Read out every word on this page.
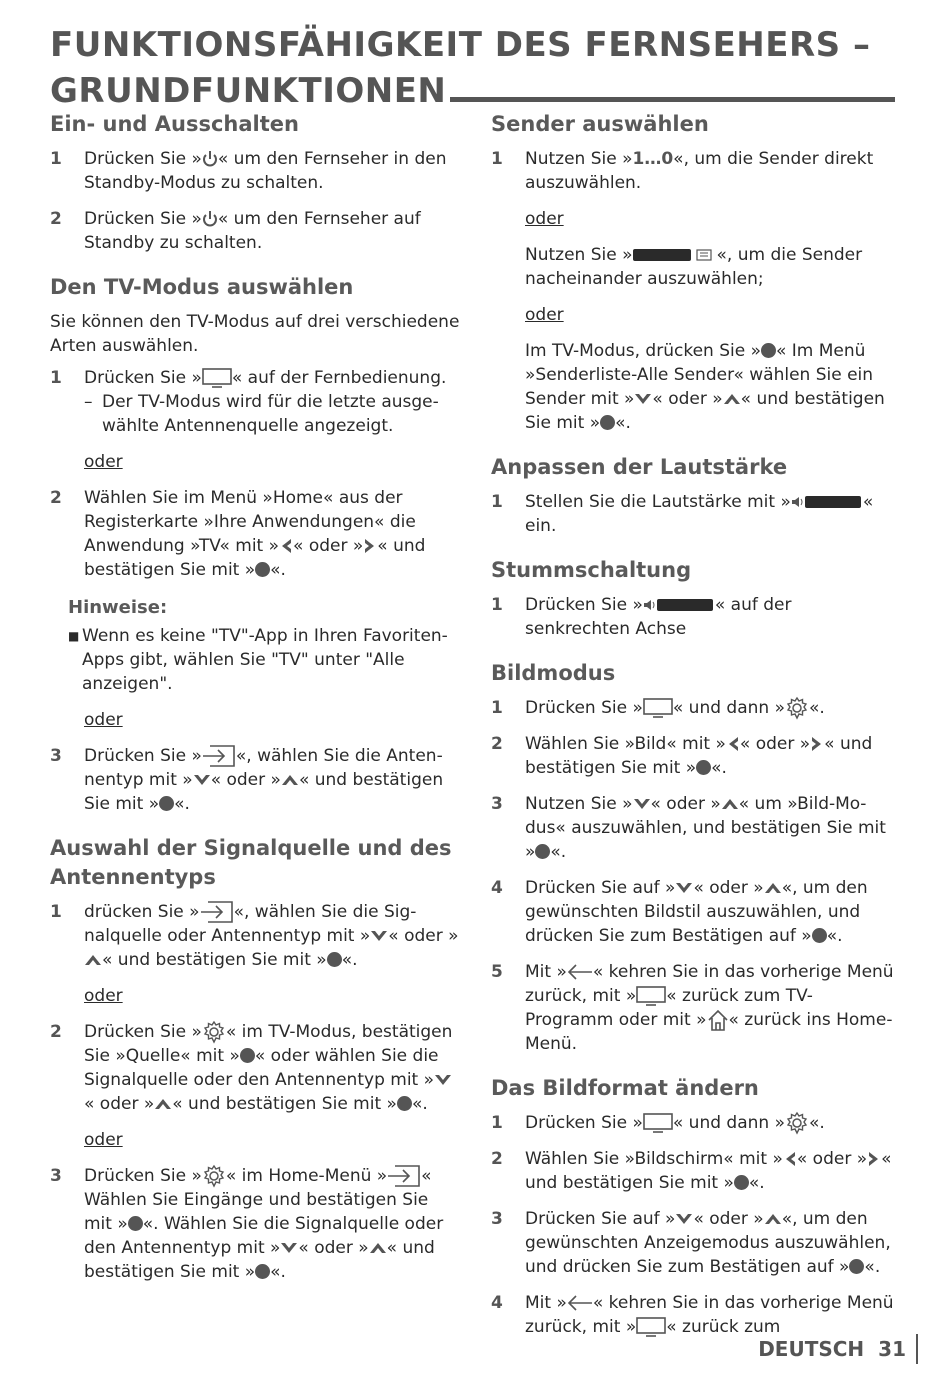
FUNKTIONSFÄHIGKEIT DES FERNSEHERS –
GRUNDFUNKTIONEN
Ein- und Ausschalten
1	Drücken Sie » « um den Fernseher in den Standby-Modus zu schalten.
2	Drücken Sie » « um den Fernseher auf Standby zu schalten.
Den TV-Modus auswählen

Sie können den TV-Modus auf drei verschiedene Arten auswählen.

1	Drücken Sie » « auf der Fernbedienung.
– Der TV-Modus wird für die letzte ausgewählte Antennenquelle angezeigt.
oder
2	Wählen Sie im Menü »Home« aus der Registerkarte »Ihre Anwendungen« die Anwendung »TV« mit » « oder » « und bestätigen Sie mit » «.
Hinweise:
■ Wenn es keine "TV"-App in Ihren Favoriten-Apps gibt, wählen Sie "TV" unter "Alle anzeigen".
oder
3	Drücken Sie » «, wählen Sie die Antennentyp mit » « oder » « und bestätigen Sie mit » «.
Auswahl der Signalquelle und des Antennentyps
1	drücken Sie » «, wählen Sie die Signalquelle oder Antennentyp mit » « oder »« und bestätigen Sie mit » «.
oder
2	Drücken Sie » « im TV-Modus, bestätigen Sie »Quelle« mit » « oder wählen Sie die Signalquelle oder den Antennentyp mit »« oder » « und bestätigen Sie mit » «.
oder
3	Drücken Sie » « im Home-Menü » « Wählen Sie Eingänge und bestätigen Sie mit » «. Wählen Sie die Signalquelle oder den Antennentyp mit » « oder » « und bestätigen Sie mit » «.
Sender auswählen
1	Nutzen Sie »1…0«, um die Sender direkt auszuwählen.
oder

Nutzen Sie »	«, um die Sender nacheinander auszuwählen;

oder

Im TV-Modus, drücken Sie » « Im Menü »Senderliste-Alle Sender« wählen Sie ein Sender mit » « oder » « und bestätigen Sie mit » «.

Anpassen der Lautstärke
1	Stellen Sie die Lautstärke mit »	« ein.
Stummschaltung
1	Drücken Sie »	« auf der senkrechten Achse
Bildmodus
1	Drücken Sie » « und dann » «.
2	Wählen Sie »Bild« mit » « oder » « und bestätigen Sie mit » «.
3	Nutzen Sie » « oder » « um »Bild-Modus« auszuwählen, und bestätigen Sie mit » «.
4	Drücken Sie auf » « oder » «, um den gewünschten Bildstil auszuwählen, und drücken Sie zum Bestätigen auf » «.
5	Mit » « kehren Sie in das vorherige Menü zurück, mit » « zurück zum TV-Programm oder mit » « zurück ins Home-Menü.
Das Bildformat ändern
1	Drücken Sie » « und dann » «.
2	Wählen Sie »Bildschirm« mit » « oder » « und bestätigen Sie mit » «.
3	Drücken Sie auf » « oder » «, um den gewünschten Anzeigemodus auszuwählen, und drücken Sie zum Bestätigen auf » «.
4	Mit » « kehren Sie in das vorherige Menü zurück, mit » « zurück zum
DEUTSCH 31
